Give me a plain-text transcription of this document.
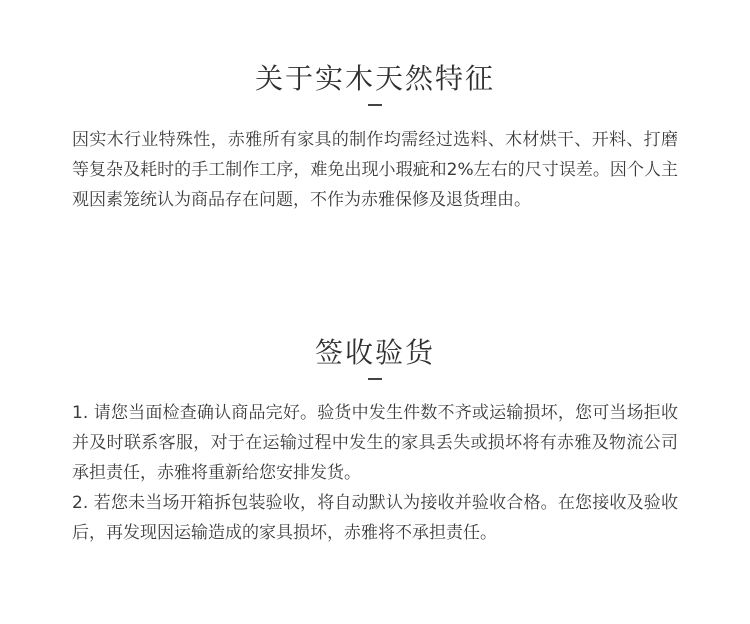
关于实木天然特征

因实木行业特殊性，赤雅所有家具的制作均需经过选料、木材烘干、开料、打磨等复杂及耗时的手工制作工序，难免出现小瑕疵和2%左右的尺寸误差。因个人主观因素笼统认为商品存在问题，不作为赤雅保修及退货理由。

签收验货

1. 请您当面检查确认商品完好。验货中发生件数不齐或运输损坏，您可当场拒收并及时联系客服，对于在运输过程中发生的家具丢失或损坏将有赤雅及物流公司承担责任，赤雅将重新给您安排发货。

2. 若您未当场开箱拆包装验收，将自动默认为接收并验收合格。在您接收及验收后，再发现因运输造成的家具损坏，赤雅将不承担责任。
